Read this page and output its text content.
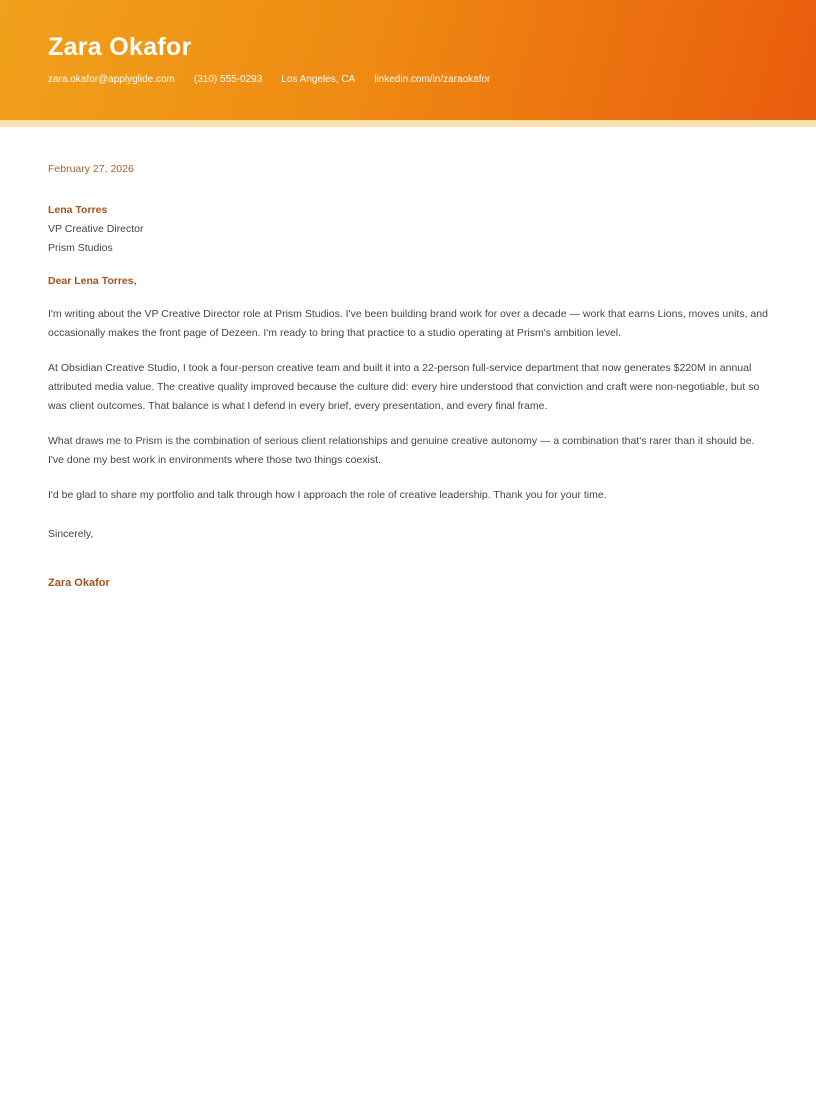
Zara Okafor
zara.okafor@applyglide.com (310) 555-0293 Los Angeles, CA linkedin.com/in/zaraokafor

February 27, 2026

Lena Torres

VP Creative Director

Prism Studios

Dear Lena Torres,

I'm writing about the VP Creative Director role at Prism Studios. I've been building brand work for over a decade — work that earns Lions, moves units, and occasionally makes the front page of Dezeen. I'm ready to bring that practice to a studio operating at Prism's ambition level.

At Obsidian Creative Studio, I took a four-person creative team and built it into a 22-person full-service department that now generates $220M in annual attributed media value. The creative quality improved because the culture did: every hire understood that conviction and craft were non-negotiable, but so was client outcomes. That balance is what I defend in every brief, every presentation, and every final frame.

What draws me to Prism is the combination of serious client relationships and genuine creative autonomy — a combination that's rarer than it should be. I've done my best work in environments where those two things coexist.

I'd be glad to share my portfolio and talk through how I approach the role of creative leadership. Thank you for your time.

Sincerely,

Zara Okafor
